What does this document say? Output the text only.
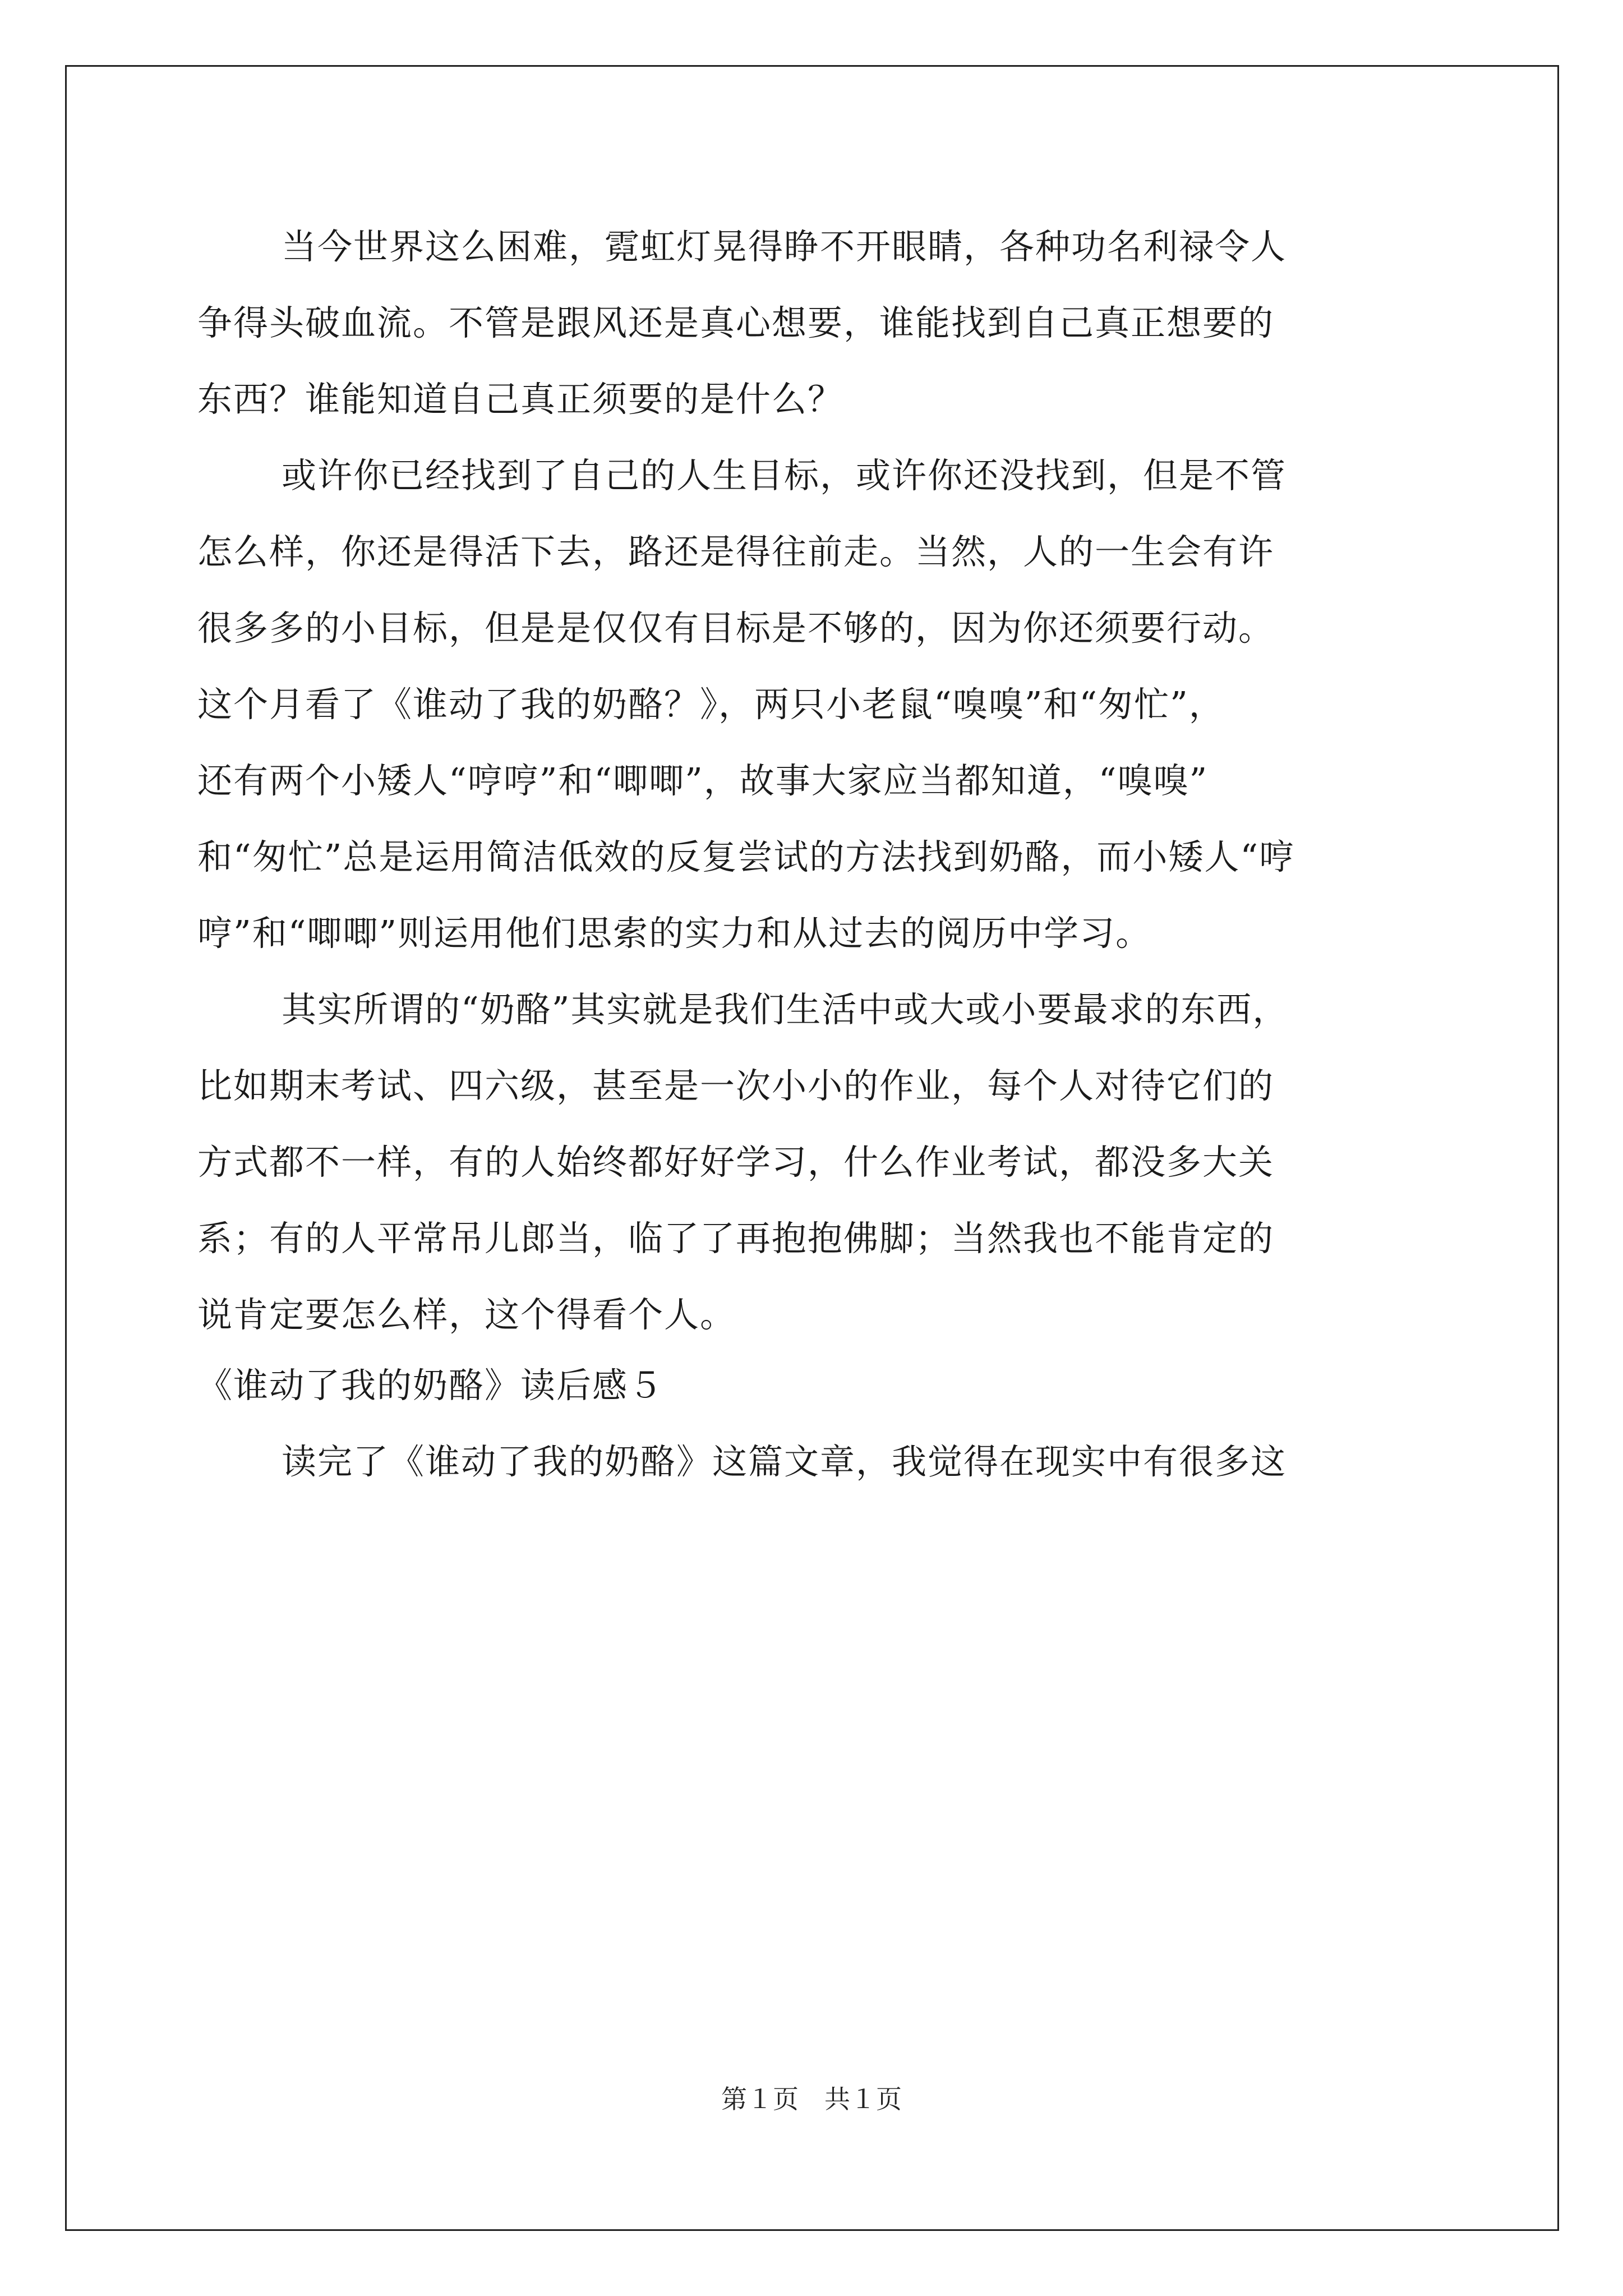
当今世界这么困难，霓虹灯晃得睁不开眼睛，各种功名利禄令人
争得头破血流。不管是跟风还是真心想要，谁能找到自己真正想要的
东西？谁能知道自己真正须要的是什么？
或许你已经找到了自己的人生目标，或许你还没找到，但是不管
怎么样，你还是得活下去，路还是得往前走。当然，人的一生会有许
很多多的小目标，但是是仅仅有目标是不够的，因为你还须要行动。
这个月看了《谁动了我的奶酪？》，两只小老鼠“嗅嗅”和“匆忙”，
还有两个小矮人“哼哼”和“唧唧”，故事大家应当都知道，“嗅嗅”
和“匆忙”总是运用简洁低效的反复尝试的方法找到奶酪，而小矮人“哼
哼”和“唧唧”则运用他们思索的实力和从过去的阅历中学习。
其实所谓的“奶酪”其实就是我们生活中或大或小要最求的东西，
比如期末考试、四六级，甚至是一次小小的作业，每个人对待它们的
方式都不一样，有的人始终都好好学习，什么作业考试，都没多大关
系；有的人平常吊儿郎当，临了了再抱抱佛脚；当然我也不能肯定的
说肯定要怎么样，这个得看个人。
《谁动了我的奶酪》读后感５
读完了《谁动了我的奶酪》这篇文章，我觉得在现实中有很多这
第１页　共１页
